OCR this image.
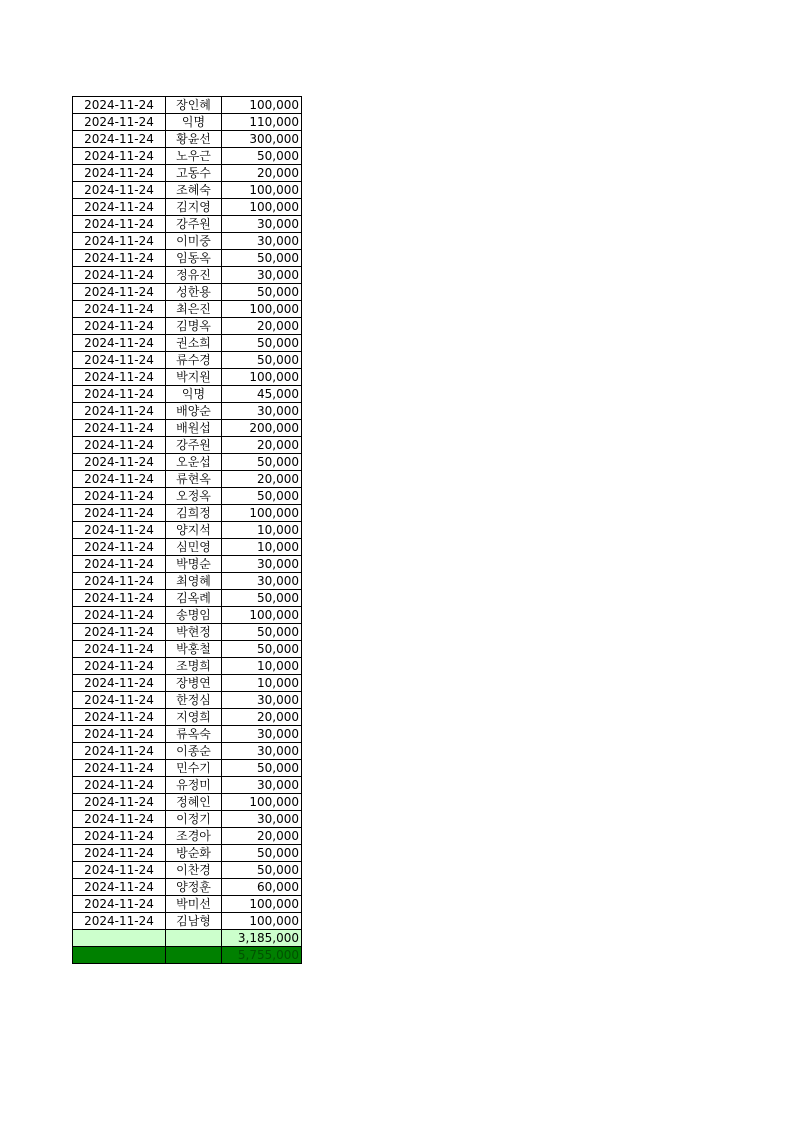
2024-11-24	장인혜	100,000
2024-11-24	익명	110,000
2024-11-24	황윤선	300,000
2024-11-24	노우근	50,000
2024-11-24	고동수	20,000
2024-11-24	조혜숙	100,000
2024-11-24	김지영	100,000
2024-11-24	강주원	30,000
2024-11-24	이미중	30,000
2024-11-24	임동옥	50,000
2024-11-24	정유진	30,000
2024-11-24	성한용	50,000
2024-11-24	최은진	100,000
2024-11-24	김명옥	20,000
2024-11-24	권소희	50,000
2024-11-24	류수경	50,000
2024-11-24	박지원	100,000
2024-11-24	익명	45,000
2024-11-24	배양순	30,000
2024-11-24	배원섭	200,000
2024-11-24	강주원	20,000
2024-11-24	오운섭	50,000
2024-11-24	류현옥	20,000
2024-11-24	오정옥	50,000
2024-11-24	김희정	100,000
2024-11-24	양지석	10,000
2024-11-24	심민영	10,000
2024-11-24	박명순	30,000
2024-11-24	최영혜	30,000
2024-11-24	김옥례	50,000
2024-11-24	송명임	100,000
2024-11-24	박현정	50,000
2024-11-24	박홍철	50,000
2024-11-24	조명희	10,000
2024-11-24	장병연	10,000
2024-11-24	한정심	30,000
2024-11-24	지영희	20,000
2024-11-24	류옥숙	30,000
2024-11-24	이종순	30,000
2024-11-24	민수기	50,000
2024-11-24	유정미	30,000
2024-11-24	정혜인	100,000
2024-11-24	이정기	30,000
2024-11-24	조경아	20,000
2024-11-24	방순화	50,000
2024-11-24	이찬경	50,000
2024-11-24	양정훈	60,000
2024-11-24	박미선	100,000
2024-11-24	김남형	100,000
		3,185,000
		5,755,000
